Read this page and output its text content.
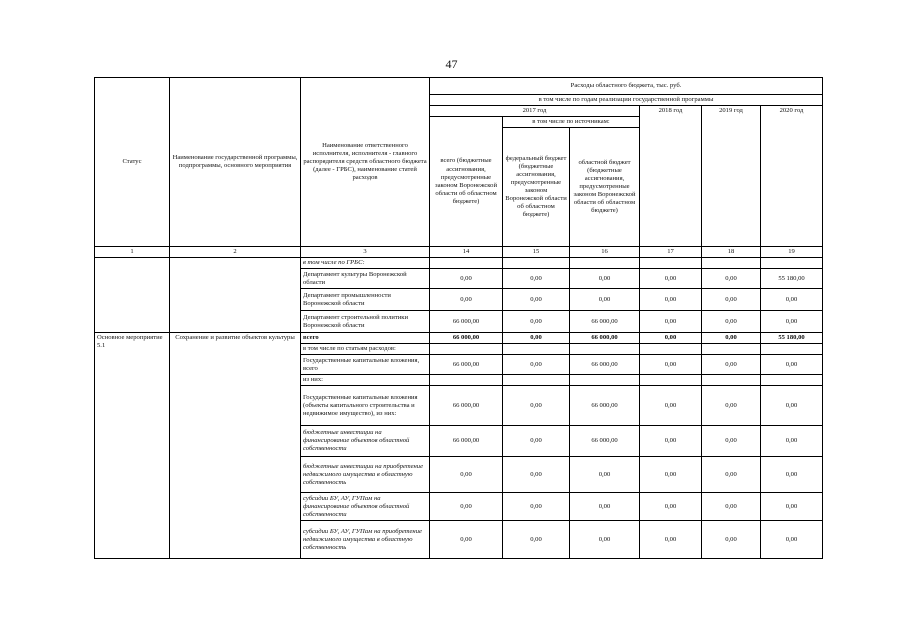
47
Статус	Наименование государственной программы, подпрограммы, основного мероприятия	Наименование ответственного исполнителя, исполнителя - главного распорядителя средств областного бюджета (далее - ГРБС), наименование статей расходов	Расходы областного бюджета, тыс. руб.					
			в том числе по годам реализации государственной программы					
			2017 год			2018 год	2019 год	2020 год
			всего (бюджетные ассигнования, предусмотренные законом Воронежской области об областном бюджете)	в том числе по источникам:				
				федеральный бюджет (бюджетные ассигнования, предусмотренные законом Воронежской области об областном бюджете)	областной бюджет (бюджетные ассигнования, предусмотренные законом Воронежской области об областном бюджете)			
1	2	3	14	15	16	17	18	19
		в том числе по ГРБС:						
		Департамент культуры Воронежской области	0,00	0,00	0,00	0,00	0,00	55 180,00
		Департамент промышленности Воронежской области	0,00	0,00	0,00	0,00	0,00	0,00
		Департамент строительной политики Воронежской области	66 000,00	0,00	66 000,00	0,00	0,00	0,00
Основное мероприятие 5.1	Сохранение и развитие объектов культуры	всего	66 000,00	0,00	66 000,00	0,00	0,00	55 180,00
		в том числе по статьям расходов:						
		Государственные капитальные вложения, всего	66 000,00	0,00	66 000,00	0,00	0,00	0,00
		из них:						
		Государственные капитальные вложения (объекты капитального строительства и недвижимое имущество), из них:	66 000,00	0,00	66 000,00	0,00	0,00	0,00
		бюджетные инвестиции на финансирование объектов областной собственности	66 000,00	0,00	66 000,00	0,00	0,00	0,00
		бюджетные инвестиции на приобретение недвижимого имущества в областную собственность	0,00	0,00	0,00	0,00	0,00	0,00
		субсидии БУ, АУ, ГУПам на финансирование объектов областной собственности	0,00	0,00	0,00	0,00	0,00	0,00
		субсидии БУ, АУ, ГУПам на приобретение недвижимого имущества в областную собственность	0,00	0,00	0,00	0,00	0,00	0,00
